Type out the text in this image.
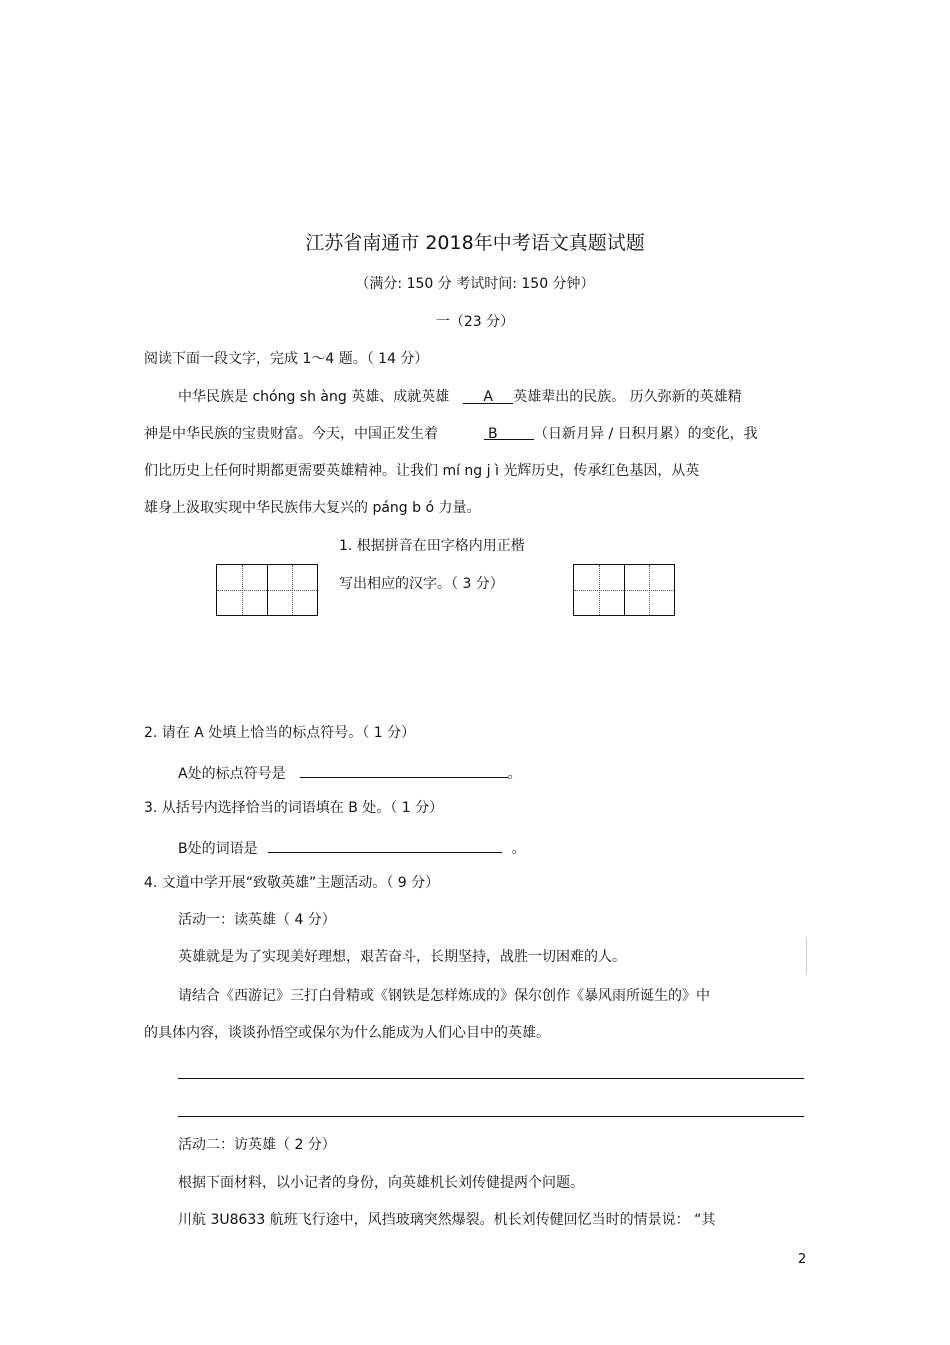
江苏省南通市 2018年中考语文真题试题
（满分: 150 分 考试时间: 150 分钟）
一（23 分）
阅读下面一段文字，完成 1～4 题。（ 14 分）
中华民族是 chóng sh àng 英雄、成就英雄 A 英雄辈出的民族。 历久弥新的英雄精
神是中华民族的宝贵财富。今天，中国正发生着	B	（日新月异 / 日积月累）的变化，我
们比历史上任何时期都更需要英雄精神。让我们 mí ng j ì 光辉历史，传承红色基因，从英
雄身上汲取实现中华民族伟大复兴的 páng b ó 力量。
1. 根据拼音在田字格内用正楷
写出相应的汉字。（ 3 分）
2. 请在 A 处填上恰当的标点符号。（ 1 分）
A处的标点符号是	。
3. 从括号内选择恰当的词语填在 B 处。（ 1 分）
B处的词语是	。
4. 文道中学开展“致敬英雄”主题活动。（ 9 分）
活动一：读英雄（ 4 分）
英雄就是为了实现美好理想，艰苦奋斗，长期坚持，战胜一切困难的人。
请结合《西游记》三打白骨精或《钢铁是怎样炼成的》保尔创作《暴风雨所诞生的》中
的具体内容，谈谈孙悟空或保尔为什么能成为人们心目中的英雄。
活动二：访英雄（ 2 分）
根据下面材料，以小记者的身份，向英雄机长刘传健提两个问题。
川航 3U8633 航班飞行途中，风挡玻璃突然爆裂。机长刘传健回忆当时的情景说： “其
2
